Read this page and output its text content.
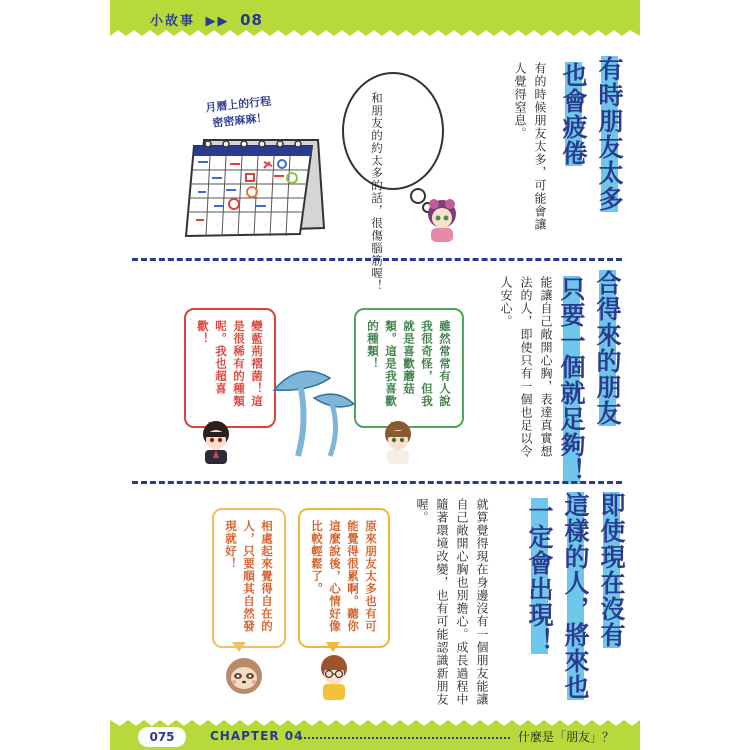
小故事 ▶▶ 08
有時朋友太多
也會疲倦
有的時候朋友太多，可能會讓人覺得窒息。
月曆上的行程
密密麻麻！	和朋友的約太多的話，很傷腦筋喔！
合得來的朋友
只要一個就足夠！
能讓自己敞開心胸，表達真實想法的人，即使只有一個也足以令人安心。
雖然常常有人說我很奇怪，但我就是喜歡蘑菇類。這是我喜歡的種類！
變藍荊褶菌！這是很稀有的種類呢。我也超喜歡！
即使現在沒有
這樣的人，將來也
一定會出現！
就算覺得現在身邊沒有一個朋友能讓自己敞開心胸也別擔心。成長過程中隨著環境改變，也有可能認識新朋友喔。
原來朋友太多也有可能覺得很累啊。聽你這麼說後，心情好像比較輕鬆了。
相處起來覺得自在的人，只要順其自然發現就好！
075	CHAPTER 04	什麼是「朋友」？
